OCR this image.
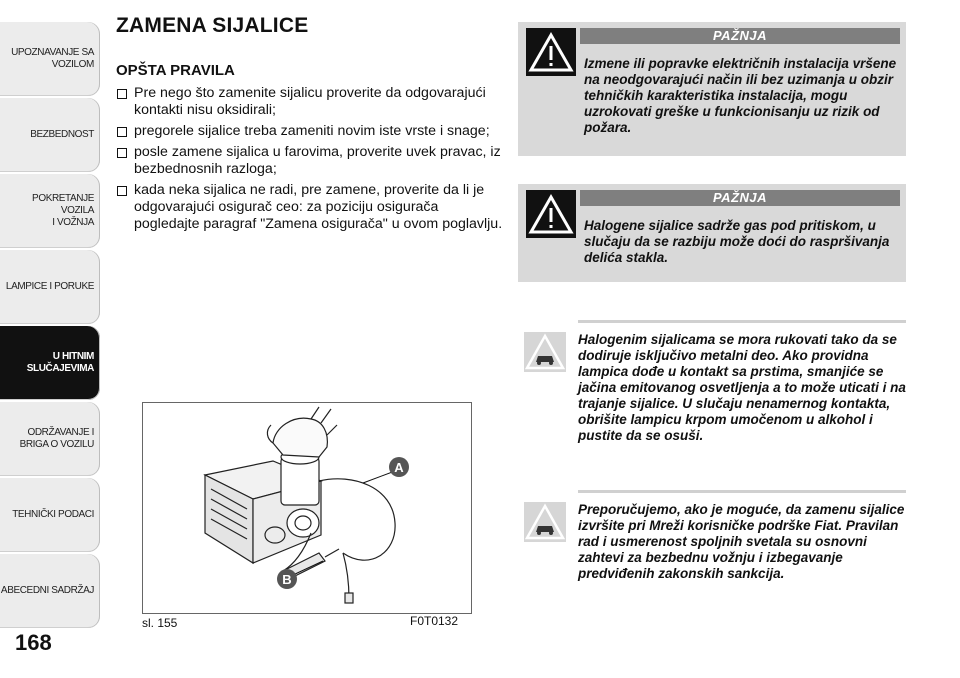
UPOZNAVANJE SA
VOZILOM
BEZBEDNOST
POKRETANJE VOZILA
I VOŽNJA
LAMPICE I PORUKE
U HITNIM
SLUČAJEVIMA
ODRŽAVANJE I
BRIGA O VOZILU
TEHNIČKI PODACI
ABECEDNI SADRŽAJ
168
ZAMENA SIJALICE
OPŠTA PRAVILA
Pre nego što zamenite sijalicu proverite da odgovarajući kontakti nisu oksidirali;
pregorele sijalice treba zameniti novim iste vrste i snage;
posle zamene sijalica u farovima, proverite uvek pravac, iz bezbednosnih razloga;
kada neka sijalica ne radi, pre zamene, proverite da li je odgovarajući osigurač ceo: za poziciju osigurača pogledajte paragraf "Zamena osigurača" u ovom poglavlju.
A
B
sl. 155	F0T0132
PAŽNJA

Izmene ili popravke električnih instalacija vršene na neodgovarajući način ili bez uzimanja u obzir tehničkih karakteristika instalacija, mogu uzrokovati greške u funkcionisanju uz rizik od požara.

PAŽNJA

Halogene sijalice sadrže gas pod pritiskom, u slučaju da se razbiju može doći do raspršivanja delića stakla.

Halogenim sijalicama se mora rukovati tako da se dodiruje isključivo metalni deo. Ako providna lampica dođe u kontakt sa prstima, smanjiće se jačina emitovanog osvetljenja a to može uticati i na trajanje sijalice. U slučaju nenamernog kontakta, obrišite lampicu krpom umočenom u alkohol i pustite da se osuši.

Preporučujemo, ako je moguće, da zamenu sijalice izvršite pri Mreži korisničke podrške Fiat. Pravilan rad i usmerenost spoljnih svetala su osnovni zahtevi za bezbednu vožnju i izbegavanje predviđenih zakonskih sankcija.
